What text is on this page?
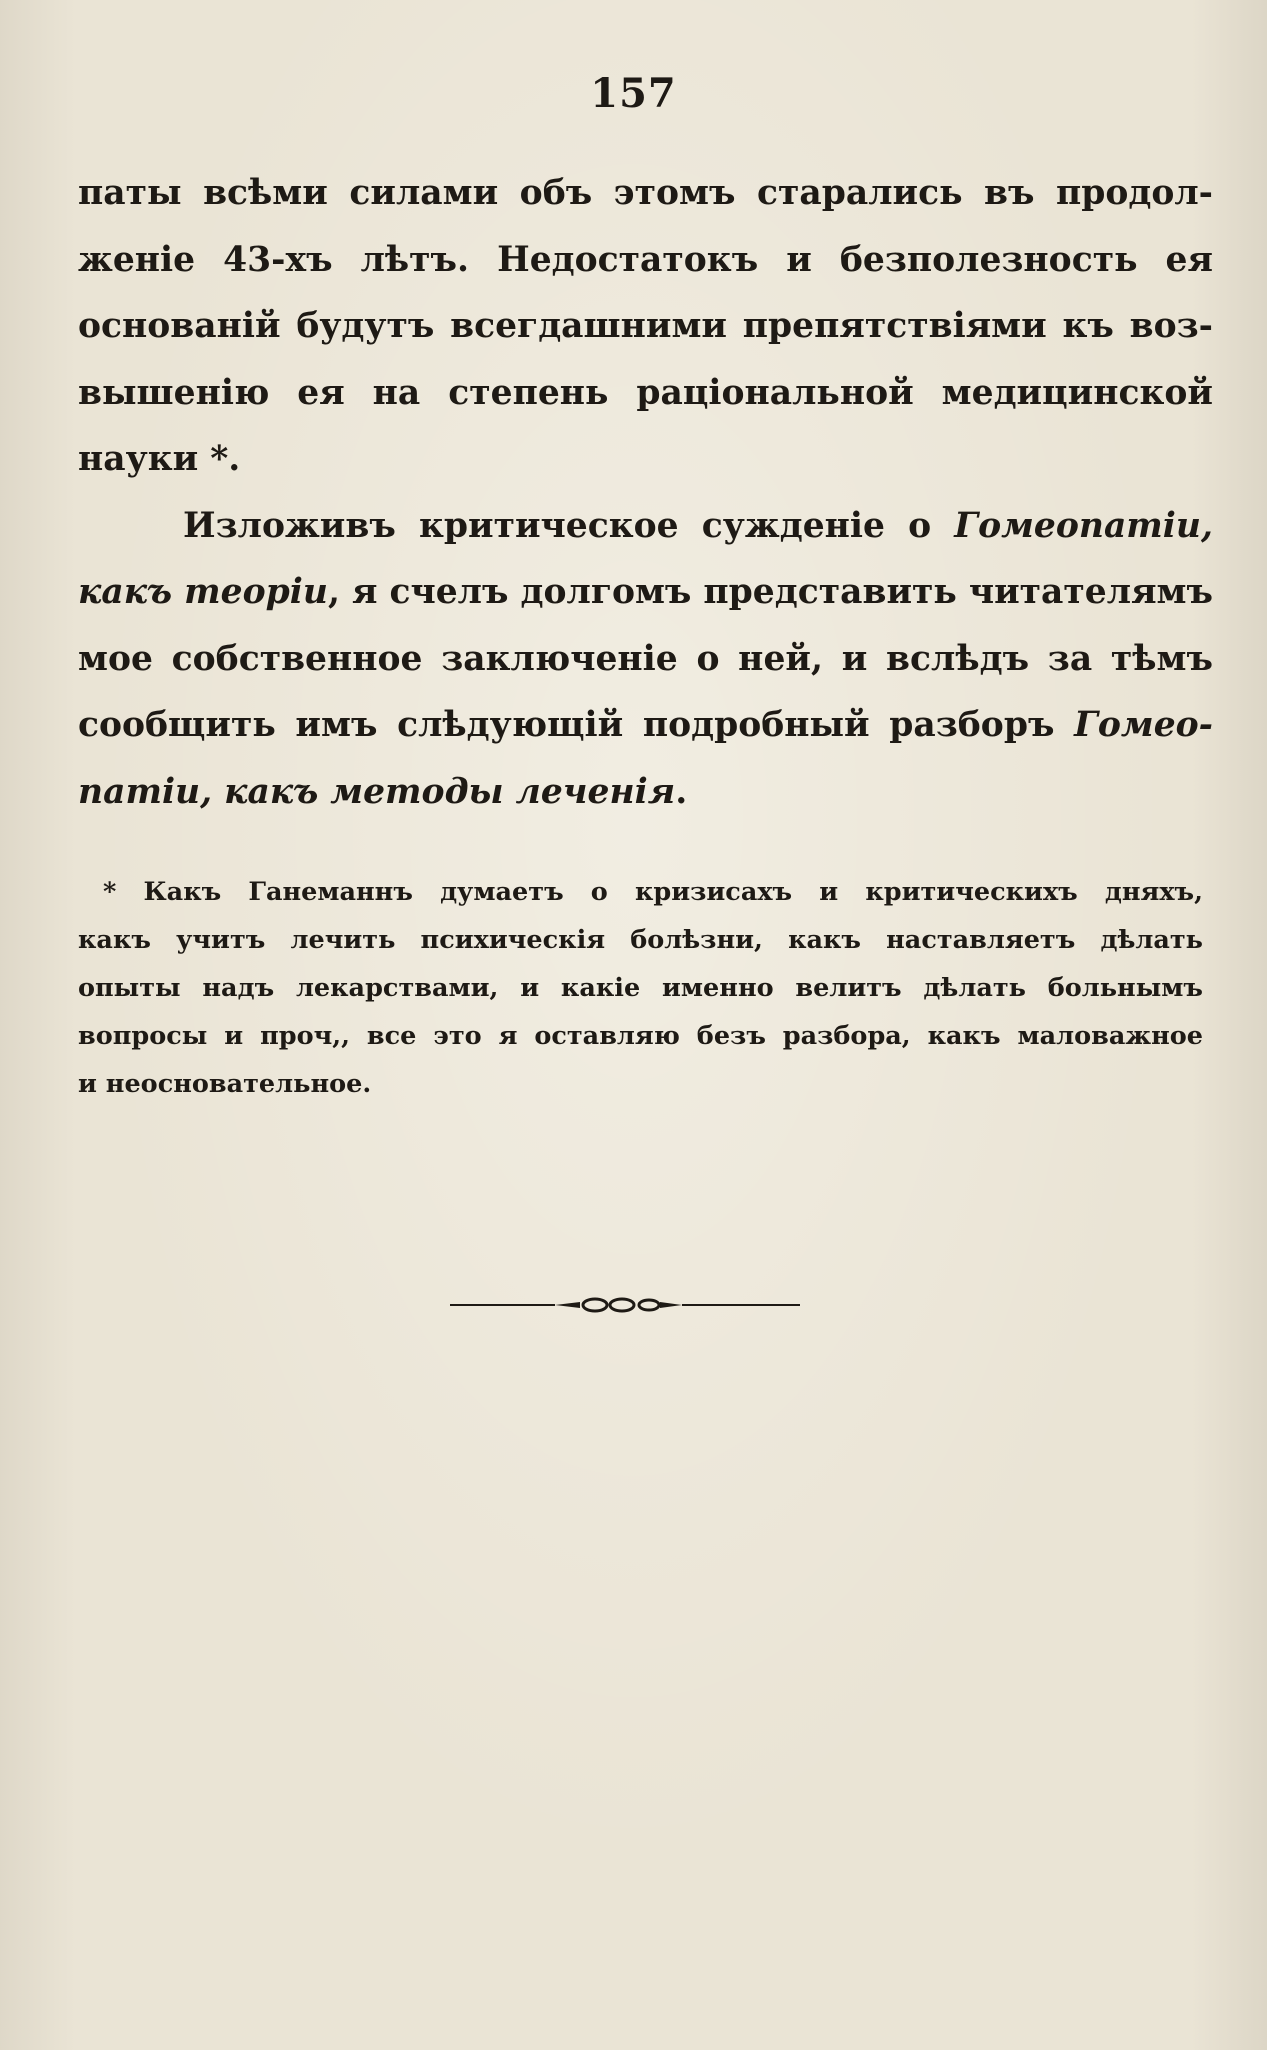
157
паты всѣми силами объ этомъ старались въ продол-
женіе 43-хъ лѣтъ. Недостатокъ и безполезность ея
основаній будутъ всегдашними препятствіями къ воз-
вышенію ея на степень раціональной медицинской
науки *.
Изложивъ критическое сужденіе о Гомеопатіи,
какъ теоріи, я счелъ долгомъ представить читателямъ
мое собственное заключеніе о ней, и вслѣдъ за тѣмъ
сообщить имъ слѣдующій подробный разборъ Гомео-
патіи, какъ методы леченія.
* Какъ Ганеманнъ думаетъ о кризисахъ и критическихъ дняхъ,
какъ учитъ лечить психическія болѣзни, какъ наставляетъ дѣлать
опыты надъ лекарствами, и какіе именно велитъ дѣлать больнымъ
вопросы и проч,, все это я оставляю безъ разбора, какъ маловажное
и неосновательное.
